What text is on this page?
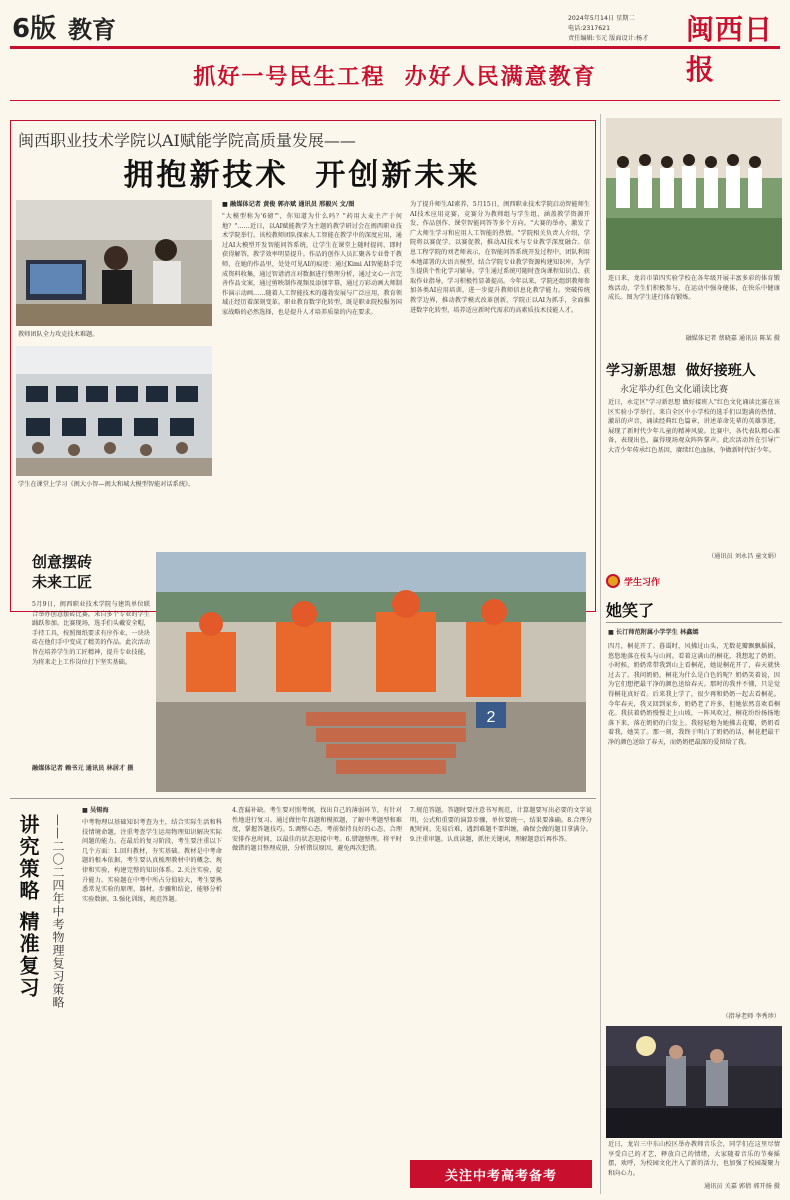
6版 教育	2024年5月14日 星期二
电话:2317621
责任编辑:韦元 版面设计:杨才 闽西日报
抓好一号民生工程  办好人民满意教育
闽西职业技术学院以AI赋能学院高质量发展——
拥抱新技术  开创新未来
教师团队全力攻克技术难题。
学生在课堂上学习《闽大小智—闽大和城大模型智能对话系统》。
■ 融媒体记者 黄俊 郭亦斌 通讯员 邢毅兴 文/图
"大模型称为'6磅'"，你知道为什么吗？"药用大麦主产于何地？"……近日，以AI赋能教学为主题的教学研讨会在闽西职业技术学院举行。该校教师团队探索人工智能在教学中的深度应用，通过AI大模型开发智能问答系统，让学生在课堂上随时提问、即时获得解答，教学效率明显提升。作品的创作人员汇聚各专业骨干教师，在她的作品里，处处可见AI的痕迹：通过Kimi AI智能助手完成资料收集，通过智谱清言对数据进行整理分析，通过文心一言完善作品文案，通过剪映制作视频及添加字幕，通过万彩动画大师制作演示动画……随着人工智能技术的蓬勃发展与广泛应用，教育领域正经历着深刻变革。职业教育数字化转型，既是职业院校服务国家战略的必然选择，也是提升人才培养质量的内在要求。
为了提升师生AI素养，5月15日，闽西职业技术学院启动智能师生AI技术应用竞赛，竞赛分为教师组与学生组，涵盖教学资源开发、作品创作、课堂智能问答等多个方向。"大赛的举办，激发了广大师生学习和应用人工智能的热情。"学院相关负责人介绍，学院将以赛促学、以赛促教，推动AI技术与专业教学深度融合。信息工程学院的刘老师表示，在智能问答系统开发过程中，团队利用本地部署的大语言模型，结合学院专业教学资源构建知识库，为学生提供个性化学习辅导。学生通过系统可随时查询课程知识点、获取作业指导，学习积极性显著提高。今年以来，学院还组织教师参加各类AI应用培训，进一步提升教师信息化教学能力。突破传统教学边界，推动教学模式改革创新，学院正以AI为抓手，全面推进数字化转型，培养适应新时代需求的高素质技术技能人才。
创意摆砖
未来工匠
5月9日，闽西职业技术学院与建筑单位联合举办创意摆砖比赛，来自多个专业的学生踊跃参加。比赛现场，选手们头戴安全帽，手持工具，按照图纸要求有序作业，一块块砖在他们手中变成了精美的作品。此次活动旨在培养学生的工匠精神，提升专业技能，为将来走上工作岗位打下坚实基础。
融媒体记者 赖书元 通讯员 林居才 摄
2
连日来，龙岩市第四实验学校在各年级开展丰富多彩的体育锻炼活动，学生们积极参与，在运动中强身健体，在快乐中健康成长。图为学生进行体育锻炼。
融媒体记者 蔡晓嘉 通讯员 陈某 摄
学习新思想  做好接班人
永定举办红色文化诵读比赛
近日，永定区"学习新思想 做好接班人"红色文化诵读比赛在该区实验小学举行。来自全区中小学校的选手们以饱满的热情、激昂的声音，诵读经典红色篇章，讲述革命先辈的英雄事迹，展现了新时代少年儿童的精神风貌。比赛中，各代表队精心准备，表现出色，赢得现场观众阵阵掌声。此次活动旨在引导广大青少年传承红色基因，赓续红色血脉，争做新时代好少年。
（通讯员 刘永昌 童文娟）
学生习作
她笑了
■ 长汀师范附属小学学生 林鑫嫣
四月，桐花开了。暮霭时，风拂过山头，无数花瓣飘飘摇摇，悠悠地落在枝头与山间。看着这满山的桐花，我想起了奶奶。小时候，奶奶常带我到山上看桐花，她说桐花开了，春天就快过去了。我问奶奶，桐花为什么是白色的呢？奶奶笑着说，因为它们想把最干净的颜色送给春天。那时的我并不懂，只是觉得桐花真好看。后来我上学了，很少再和奶奶一起去看桐花。今年春天，我又回到家乡，奶奶老了许多，但她依然喜欢看桐花。我扶着奶奶慢慢走上山坡，一阵风吹过，桐花纷纷扬扬地落下来，落在奶奶的白发上。我轻轻地为她拂去花瓣，奶奶看着我，她笑了。那一刻，我终于明白了奶奶的话，桐花把最干净的颜色送给了春天，而奶奶把最深的爱留给了我。
（指导老师 李秀珍）
近日，龙岩三中东山校区举办教师音乐会，同学们在这里尽情享受自己的才艺，释放自己的情绪，大家随着音乐的节奏摇摆，欢呼，为校园文化注入了新的活力，也加强了校园凝聚力和向心力。
通讯员 关嘉 郭倩 郭开扬 摄
讲究策略 精准复习 ——二〇二四年中考物理复习策略
■ 吴锡海
中考物理以基础知识考查为主，结合实际生活和科技情境命题，注重考查学生运用物理知识解决实际问题的能力。在最后的复习阶段，考生要注重以下几个方面：1.回归教材，夯实基础。教材是中考命题的根本依据，考生要认真梳理教材中的概念、规律和实验，构建完整的知识体系。2.关注实验，提升能力。实验题在中考中所占分值较大，考生要熟悉常见实验的原理、器材、步骤和结论，能够分析实验数据。3.强化训练，规范答题。
4.查漏补缺。考生要对照考纲，找出自己的薄弱环节，有针对性地进行复习。通过做往年真题和模拟题，了解中考题型和难度，掌握答题技巧。5.调整心态。考前保持良好的心态，合理安排作息时间，以最佳的状态迎接中考。6.错题整理。将平时做错的题目整理成册，分析错误原因，避免再次犯错。
7.规范答题。答题时要注意书写规范，计算题要写出必要的文字说明、公式和重要的演算步骤，单位要统一，结果要准确。8.合理分配时间。先易后难，遇到难题不要纠缠，确保会做的题目拿满分。9.注重审题。认真读题，抓住关键词，理解题意后再作答。
关注中考高考备考
